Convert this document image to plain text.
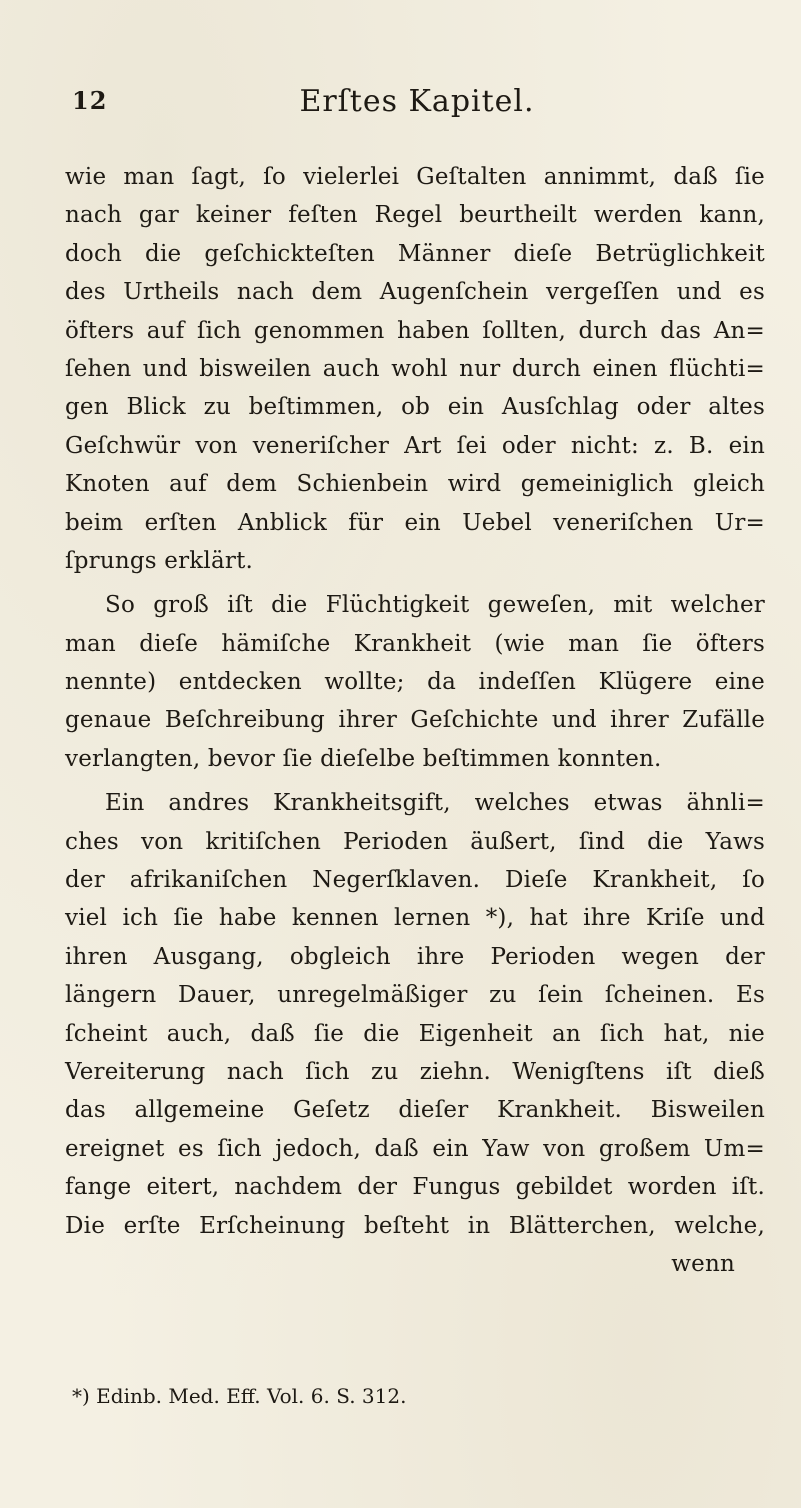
12	Erſtes Kapitel.
wie man ſagt, ſo vielerlei Geſtalten annimmt, daß ſie
nach gar keiner feſten Regel beurtheilt werden kann,
doch die geſchickteſten Männer dieſe Betrüglichkeit
des Urtheils nach dem Augenſchein vergeſſen und es
öfters auf ſich genommen haben ſollten, durch das An=
ſehen und bisweilen auch wohl nur durch einen flüchti=
gen Blick zu beſtimmen, ob ein Ausſchlag oder altes
Geſchwür von veneriſcher Art ſei oder nicht: z. B. ein
Knoten auf dem Schienbein wird gemeiniglich gleich
beim erſten Anblick für ein Uebel veneriſchen Ur=
ſprungs erklärt.
So groß iſt die Flüchtigkeit geweſen, mit welcher
man dieſe hämiſche Krankheit (wie man ſie öfters
nennte) entdecken wollte; da indeſſen Klügere eine
genaue Beſchreibung ihrer Geſchichte und ihrer Zufälle
verlangten, bevor ſie dieſelbe beſtimmen konnten.
Ein andres Krankheitsgift, welches etwas ähnli=
ches von kritiſchen Perioden äußert, ſind die Yaws
der afrikaniſchen Negerſklaven. Dieſe Krankheit, ſo
viel ich ſie habe kennen lernen *), hat ihre Kriſe und
ihren Ausgang, obgleich ihre Perioden wegen der
längern Dauer, unregelmäßiger zu ſein ſcheinen. Es
ſcheint auch, daß ſie die Eigenheit an ſich hat, nie
Vereiterung nach ſich zu ziehn. Wenigſtens iſt dieß
das allgemeine Geſetz dieſer Krankheit. Bisweilen
ereignet es ſich jedoch, daß ein Yaw von großem Um=
fange eitert, nachdem der Fungus gebildet worden iſt.
Die erſte Erſcheinung beſteht in Blätterchen, welche,
wenn
*) Edinb. Med. Eff. Vol. 6. S. 312.
